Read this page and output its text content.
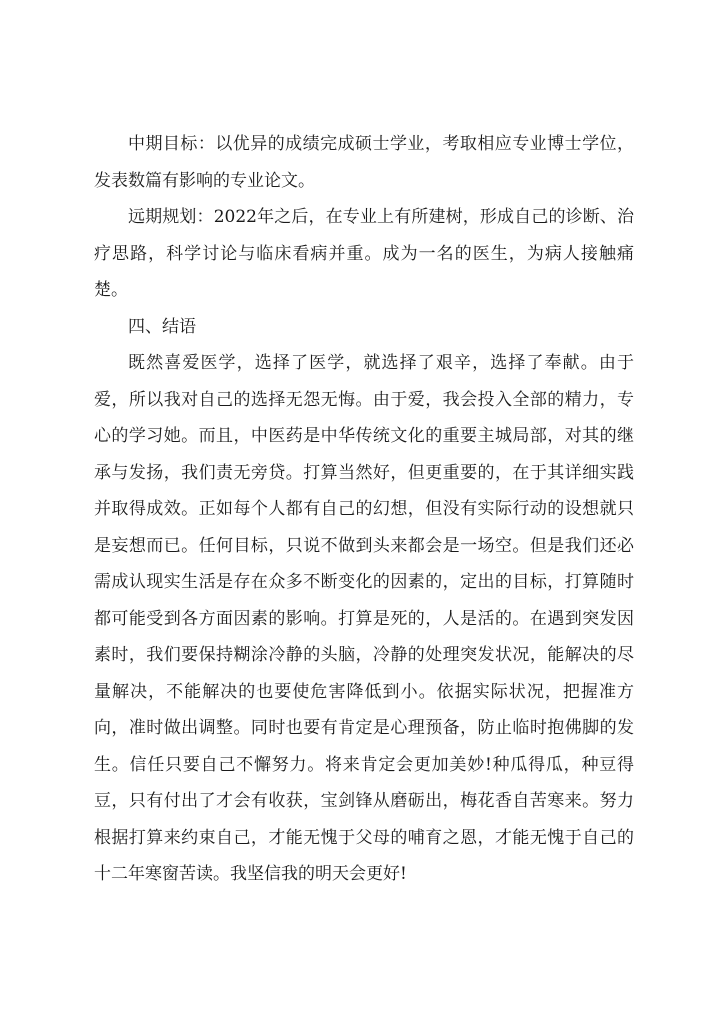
中期目标：以优异的成绩完成硕士学业，考取相应专业博士学位，发表数篇有影响的专业论文。

远期规划：2022年之后，在专业上有所建树，形成自己的诊断、治疗思路，科学讨论与临床看病并重。成为一名的医生，为病人接触痛楚。

四、结语

既然喜爱医学，选择了医学，就选择了艰辛，选择了奉献。由于爱，所以我对自己的选择无怨无悔。由于爱，我会投入全部的精力，专心的学习她。而且，中医药是中华传统文化的重要主城局部，对其的继承与发扬，我们责无旁贷。打算当然好，但更重要的，在于其详细实践并取得成效。正如每个人都有自己的幻想，但没有实际行动的设想就只是妄想而已。任何目标，只说不做到头来都会是一场空。但是我们还必需成认现实生活是存在众多不断变化的因素的，定出的目标，打算随时都可能受到各方面因素的影响。打算是死的，人是活的。在遇到突发因素时，我们要保持糊涂冷静的头脑，冷静的处理突发状况，能解决的尽量解决，不能解决的也要使危害降低到小。依据实际状况，把握准方向，准时做出调整。同时也要有肯定是心理预备，防止临时抱佛脚的发生。信任只要自己不懈努力。将来肯定会更加美妙!种瓜得瓜，种豆得豆，只有付出了才会有收获，宝剑锋从磨砺出，梅花香自苦寒来。努力根据打算来约束自己，才能无愧于父母的哺育之恩，才能无愧于自己的十二年寒窗苦读。我坚信我的明天会更好!
